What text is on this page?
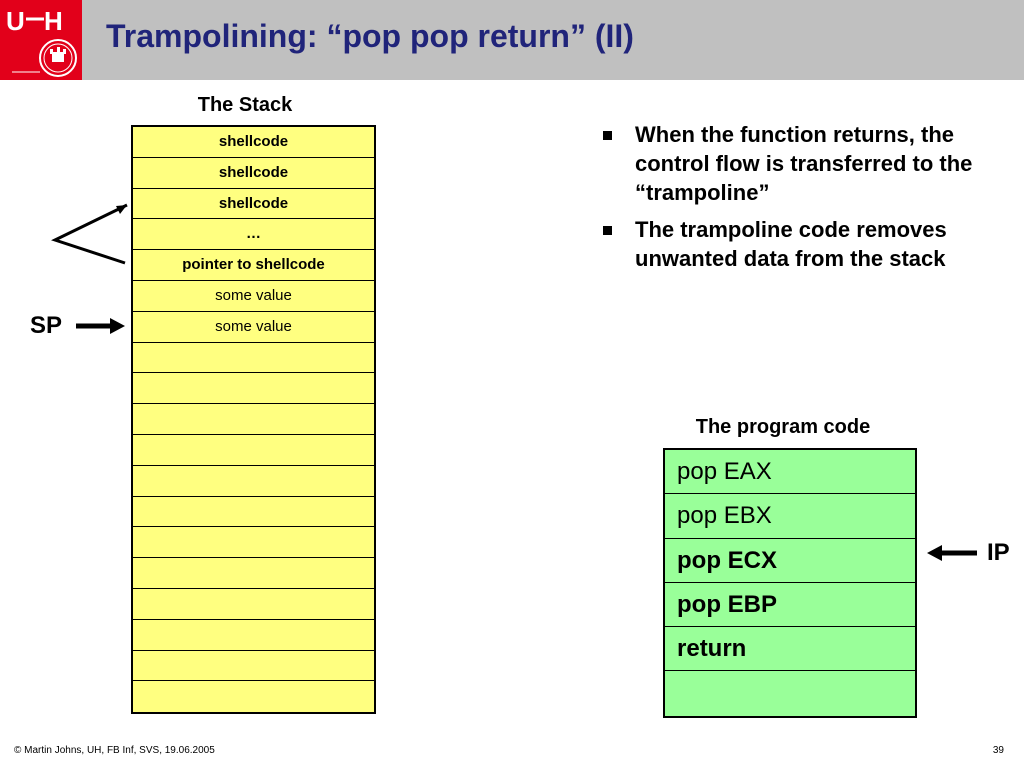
U H Trampolining: “pop pop return” (II)
The Stack
shellcode
shellcode
shellcode
…
pointer to shellcode
some value
some value
SP
When the function returns, the control flow is transferred to the “trampoline”
The trampoline code removes unwanted data from the stack
The program code
pop EAX
pop EBX
pop ECX
pop EBP
return
IP
© Martin Johns, UH, FB Inf, SVS, 19.06.2005	39
